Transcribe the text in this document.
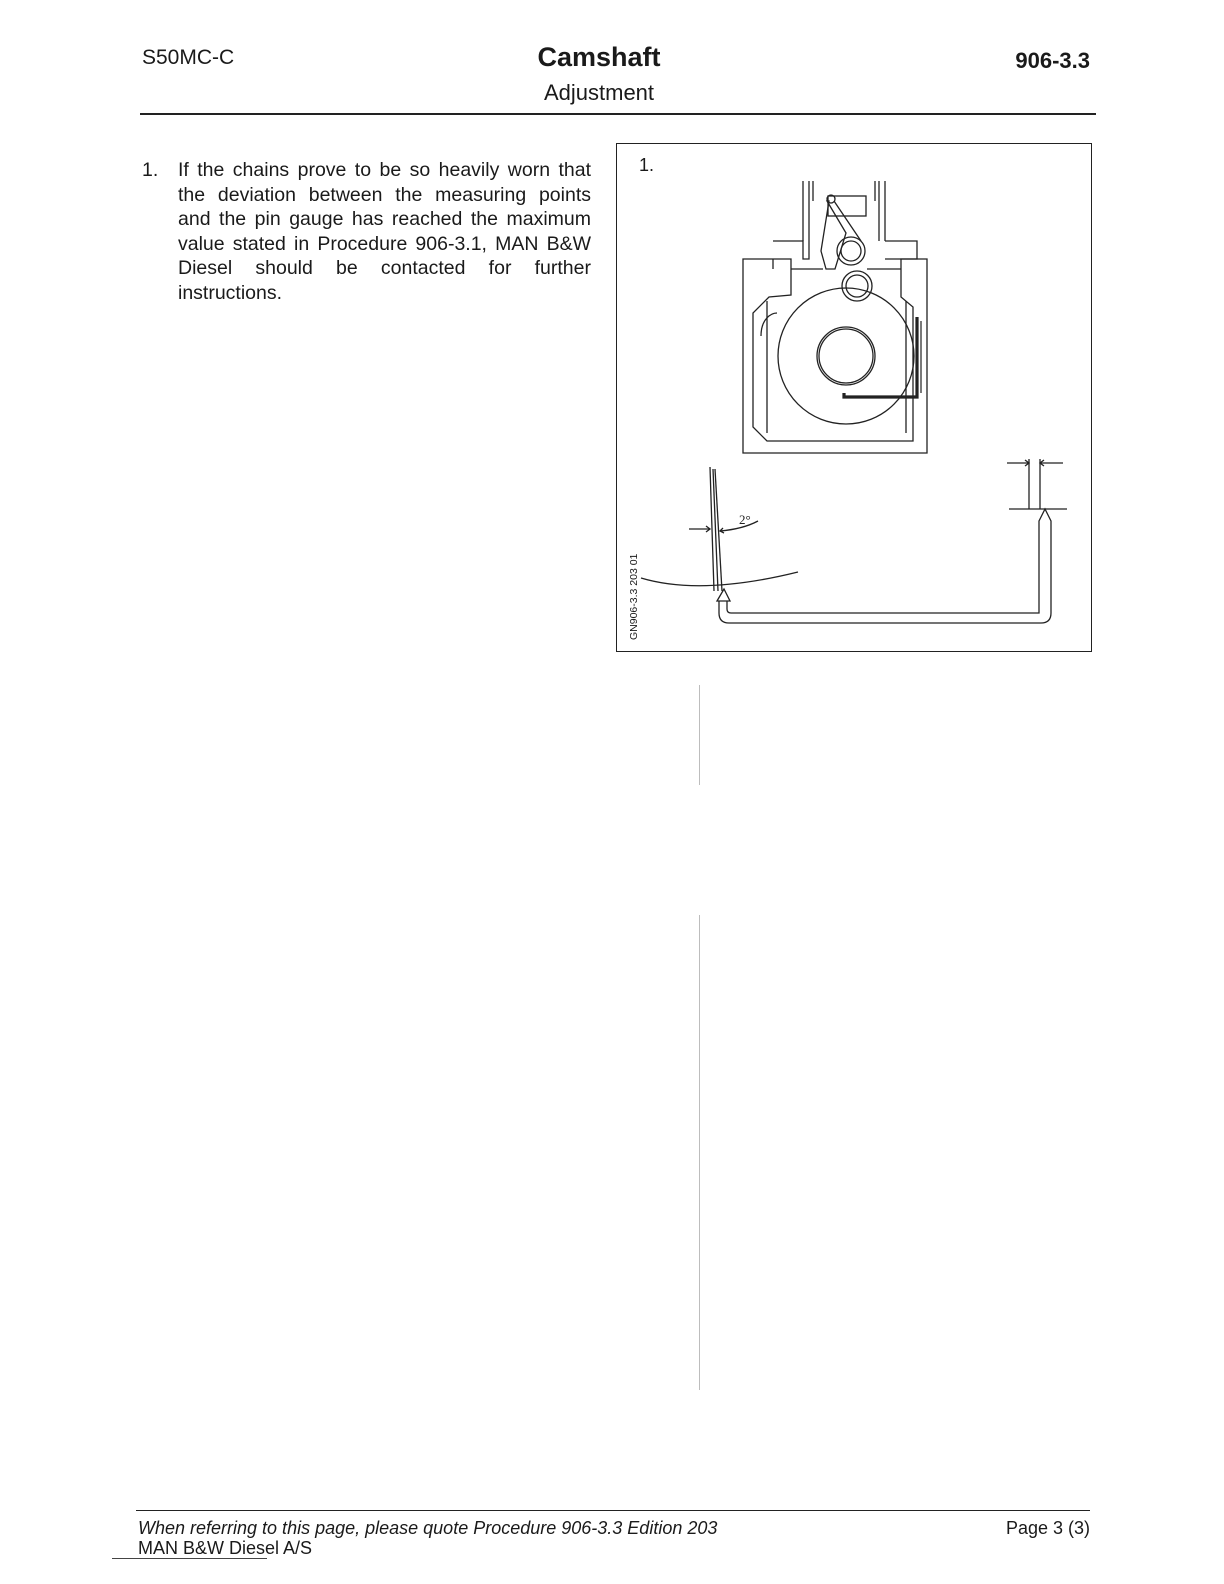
S50MC-C	Camshaft
Adjustment
906-3.3
1. If the chains prove to be so heavily worn that the deviation between the measuring points and the pin gauge has reached the maximum value stated in Procedure 906-3.1, MAN B&W Diesel should be contacted for further instructions.
1.
GN906-3.3 203 01
2°
When referring to this page, please quote Procedure 906-3.3 Edition 203	Page 3 (3)
MAN B&W Diesel A/S
